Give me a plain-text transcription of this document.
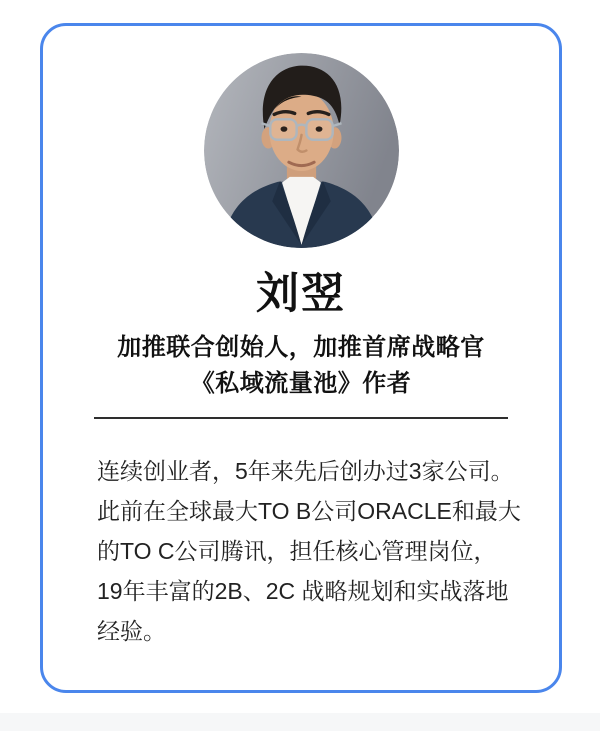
刘翌
加推联合创始人，加推首席战略官
《私域流量池》作者

连续创业者，5年来先后创办过3家公司。此前在全球最大TO B公司ORACLE和最大的TO C公司腾讯，担任核心管理岗位，19年丰富的2B、2C 战略规划和实战落地经验。
